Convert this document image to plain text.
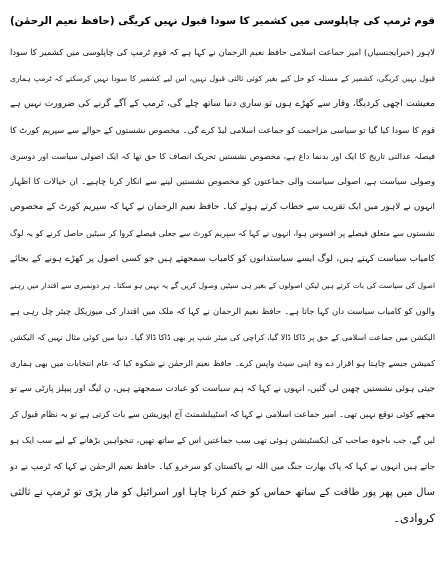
قوم ٹرمپ کی چاپلوسی میں کشمیر کا سودا قبول نہیں کریگی (حافظ نعیم الرحمٰن)
لاہور (خبرایجنسیاں) امیر جماعت اسلامی حافظ نعیم الرحمان نے کہا ہے کہ قوم ٹرمپ کی چاپلوسی میں کشمیر کا سودا
قبول نہیں کریگی، کشمیر کے مسئلہ کو حل کیے بغیر کوئی ثالثی قبول نہیں، اس لیے کشمیر کا سودا نہیں کرسکتے کہ ٹرمپ ہماری
معیشت اچھی کردیگا، وقار سے کھڑے ہوں تو ساری دنیا ساتھ چلے گی، ٹرمپ کے آگے گرنے کی ضرورت نہیں ہے
قوم کا سودا کیا گیا تو سیاسی مزاحمت کو جماعت اسلامی لیڈ کرے گی۔ مخصوص نشستوں کے حوالے سے سپریم کورٹ کا
فیصلہ عدالتی تاریخ کا ایک اور بدنما داغ ہے، مخصوص نشستیں تحریک انصاف کا حق تھا کہ ایک اصولی سیاست اور دوسری
وصولی سیاست ہے، اصولی سیاست والی جماعتوں کو مخصوص نشستیں لینے سے انکار کرنا چاہیے۔ ان خیالات کا اظہار
انہوں نے لاہور میں ایک تقریب سے خطاب کرتے ہوئے کیا۔ حافظ نعیم الرحمان نے کہا کہ سپریم کورٹ کے مخصوص
نشستوں سے متعلق فیصلے پر افسوس ہوا، انہوں نے کہا کہ سپریم کورٹ سے جعلی فیصلے کروا کر سیٹیں حاصل کرنے کو یہ لوگ
کامیاب سیاست کہتے ہیں، لوگ ایسے سیاستدانوں کو کامیاب سمجھتے ہیں جو کسی اصول پر کھڑے ہونے کے بجائے
اصول کی سیاست کی بات کرتے ہیں لیکن اصولوں کے بغیر ہی سیٹیں وصول کریں گے یہ نہیں ہو سکتا۔ ہر دونمبری سے اقتدار میں رہنے
والوں کو کامیاب سیاست دان کہا جاتا ہے۔ حافظ نعیم الرحمان نے کہا کہ ملک میں اقتدار کی میوزیکل چیئر چل رہی ہے
الیکشن میں جماعت اسلامی کے حق پر ڈاکا ڈالا گیا، کراچی کی میئر شپ پر بھی ڈاکا ڈالا گیا۔ دنیا میں کوئی مثال نہیں کہ الیکشن
کمیشن جیسے چاہتا ہو اقرار دے وہ اپنی سیٹ واپس کرے۔ حافظ نعیم الرحمٰن نے شکوہ کیا کہ عام انتخابات میں بھی ہماری
جیتی ہوئی نشستیں چھین لی گئیں، انہوں نے کہا کہ ہم سیاست کو عبادت سمجھتے ہیں، ن لیگ اور پیپلز پارٹی سے تو
مجھے کوئی توقع نہیں تھی۔ امیر جماعت اسلامی نے کہا کہ اسٹیبلشمنٹ آج اپوزیشن سے بات کرتی ہے تو یہ نظام قبول کر
لیں گے، جب باجوہ صاحب کی ایکسٹینشن ہوئی تھی سب جماعتیں اس کے ساتھ تھیں، تنخواہیں بڑھانے کے لیے سب ایک ہو
جاتے ہیں انہوں نے کہا کہ پاک بھارت جنگ میں اللہ نے پاکستان کو سرخرو کیا۔ حافظ نعیم الرحمٰن نے کہا کہ ٹرمپ نے دو
سال میں پھر پور طاقت کے ساتھ حماس کو ختم کرنا چاہا اور اسرائیل کو مار پڑی تو ٹرمپ نے ثالثی
کروادی۔
